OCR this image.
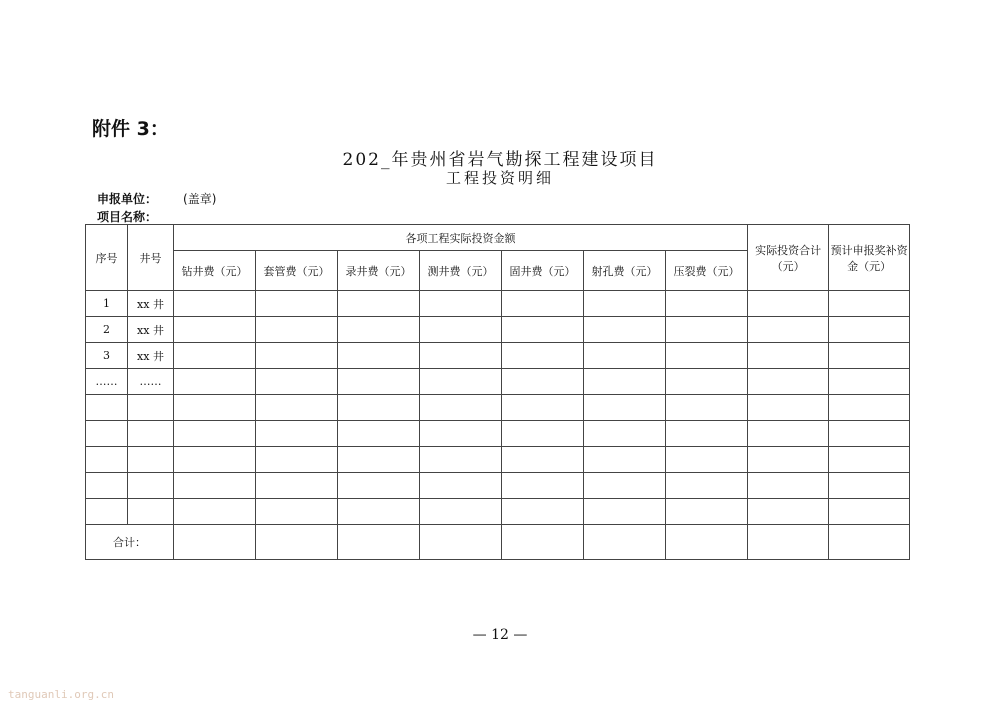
附件 3：
202_年贵州省岩气勘探工程建设项目
工程投资明细
申报单位： (盖章)
项目名称：
序号	井号	各项工程实际投资金额							实际投资合计（元）	预计申报奖补资金（元）
		钻井费（元）	套管费（元）	录井费（元）	测井费（元）	固井费（元）	射孔费（元）	压裂费（元）		
1	xx 井									
2	xx 井									
3	xx 井									
……	……									

合计：										
— 12 —
tanguanli.org.cn
